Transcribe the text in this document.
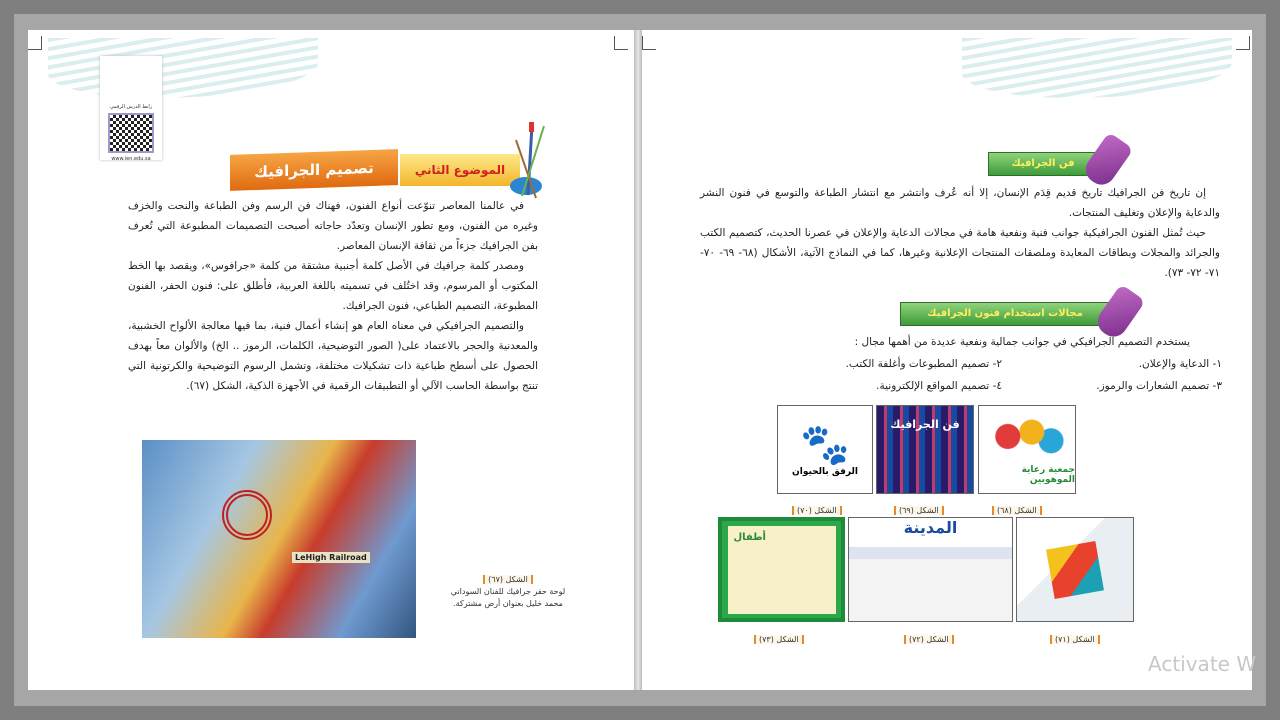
رابط الدرس الرقمي
www.ien.edu.sa	تصميم الجرافيك	الموضوع الثاني

في عالمنا المعاصر تنوّعت أنواع الفنون، فهناك فن الرسم وفن الطباعة والنحت والخزف وغيره من الفنون، ومع تطور الإنسان وتعدّد حاجاته أصبحت التصميمات المطبوعة التي تُعرف بفن الجرافيك جزءاً من ثقافة الإنسان المعاصر.

ومصدر كلمة جرافيك في الأصل كلمة أجنبية مشتقة من كلمة «جرافوس»، ويقصد بها الخط المكتوب أو المرسوم، وقد اختُلف في تسميته باللغة العربية، فأطلق على: فنون الحفر، الفنون المطبوعة، التصميم الطباعي، فنون الجرافيك.

والتصميم الجرافيكي في معناه العام هو إنشاء أعمال فنية، بما فيها معالجة الألواح الخشبية، والمعدنية والحجر بالاعتماد على( الصور التوضيحية، الكلمات، الرموز .. الخ) والألوان معاً بهدف الحصول على أسطح طباعية ذات تشكيلات مختلفة، وتشمل الرسوم التوضيحية والكرتونية التي تنتج بواسطة الحاسب الآلي أو التطبيقات الرقمية في الأجهزة الذكية، الشكل (٦٧).

LeHigh Railroad
الشكل (٦٧)
لوحة حفر جرافيك للفنان السوداني
محمد خليل بعنوان أرض مشتركة.
فن الجرافيك

إن تاريخ فن الجرافيك تاريخ قديم قِدَم الإنسان، إلا أنه عُرف وانتشر مع انتشار الطباعة والتوسع في فنون النشر والدعاية والإعلان وتغليف المنتجات.

حيث تُمثل الفنون الجرافيكية جوانب فنية ونفعية هامة في مجالات الدعاية والإعلان في عصرنا الحديث، كتصميم الكتب والجرائد والمجلات وبطاقات المعايدة وملصقات المنتجات الإعلانية وغيرها، كما في النماذج الآتية، الأشكال (٦٨- ٦٩- ٧٠- ٧١- ٧٢- ٧٣).

مجالات استخدام فنون الجرافيك
يستخدم التصميم الجرافيكي في جوانب جمالية ونفعية عديدة من أهمها مجال :
١- الدعاية والإعلان.
٢- تصميم المطبوعات وأغلفة الكتب.
٣- تصميم الشعارات والرموز.
٤- تصميم المواقع الإلكترونية.
جمعية رعاية الموهوبين
فن الجرافيك
🐾
الرفق بالحيوان
الشكل (٦٨)
الشكل (٦٩)
الشكل (٧٠)
المدينة
أطفال
الشكل (٧١)
الشكل (٧٢)
الشكل (٧٣)
Activate W
